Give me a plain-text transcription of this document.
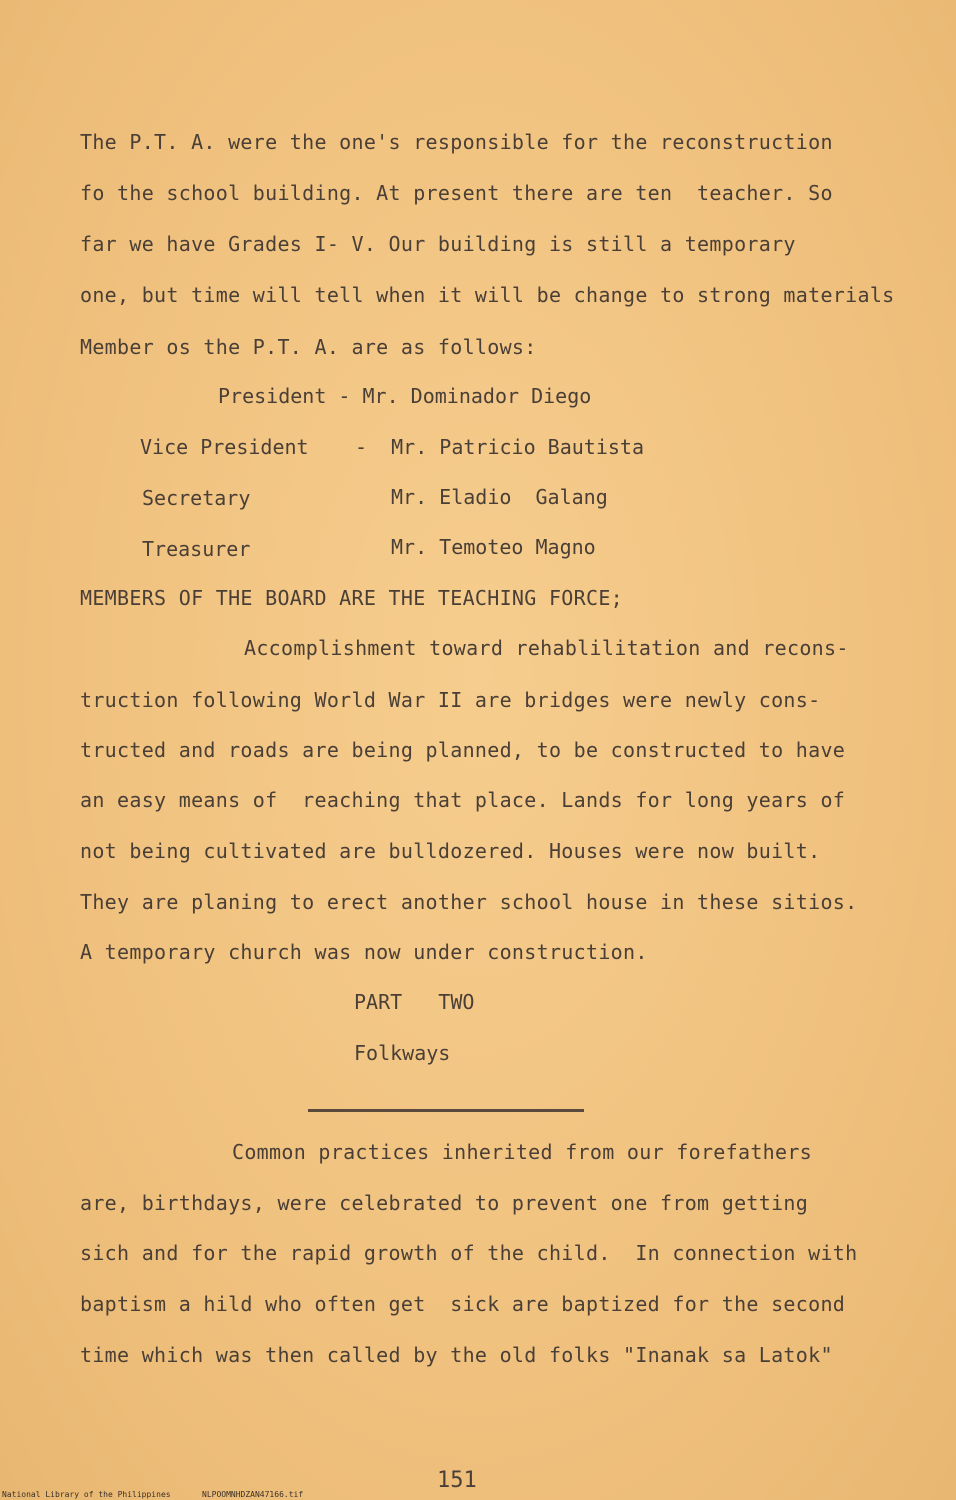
The P.T. A. were the one's responsible for the reconstruction
fo the school building. At present there are ten  teacher. So
far we have Grades I- V. Our building is still a temporary
one, but time will tell when it will be change to strong materials
Member os the P.T. A. are as follows:
President - Mr. Dominador Diego
Vice President -  Mr. Patricio Bautista
Secretary	Mr. Eladio  Galang
Treasurer	Mr. Temoteo Magno
MEMBERS OF THE BOARD ARE THE TEACHING FORCE;
Accomplishment toward rehablilitation and recons-
truction following World War II are bridges were newly cons-
tructed and roads are being planned, to be constructed to have
an easy means of  reaching that place. Lands for long years of
not being cultivated are bulldozered. Houses were now built.
They are planing to erect another school house in these sitios.
A temporary church was now under construction.
PART   TWO
Folkways
Common practices inherited from our forefathers
are, birthdays, were celebrated to prevent one from getting
sich and for the rapid growth of the child.  In connection with
baptism a hild who often get  sick are baptized for the second
time which was then called by the old folks "Inanak sa Latok"
151
National Library of the Philippines	NLPOOMNHDZAN47166.tif
